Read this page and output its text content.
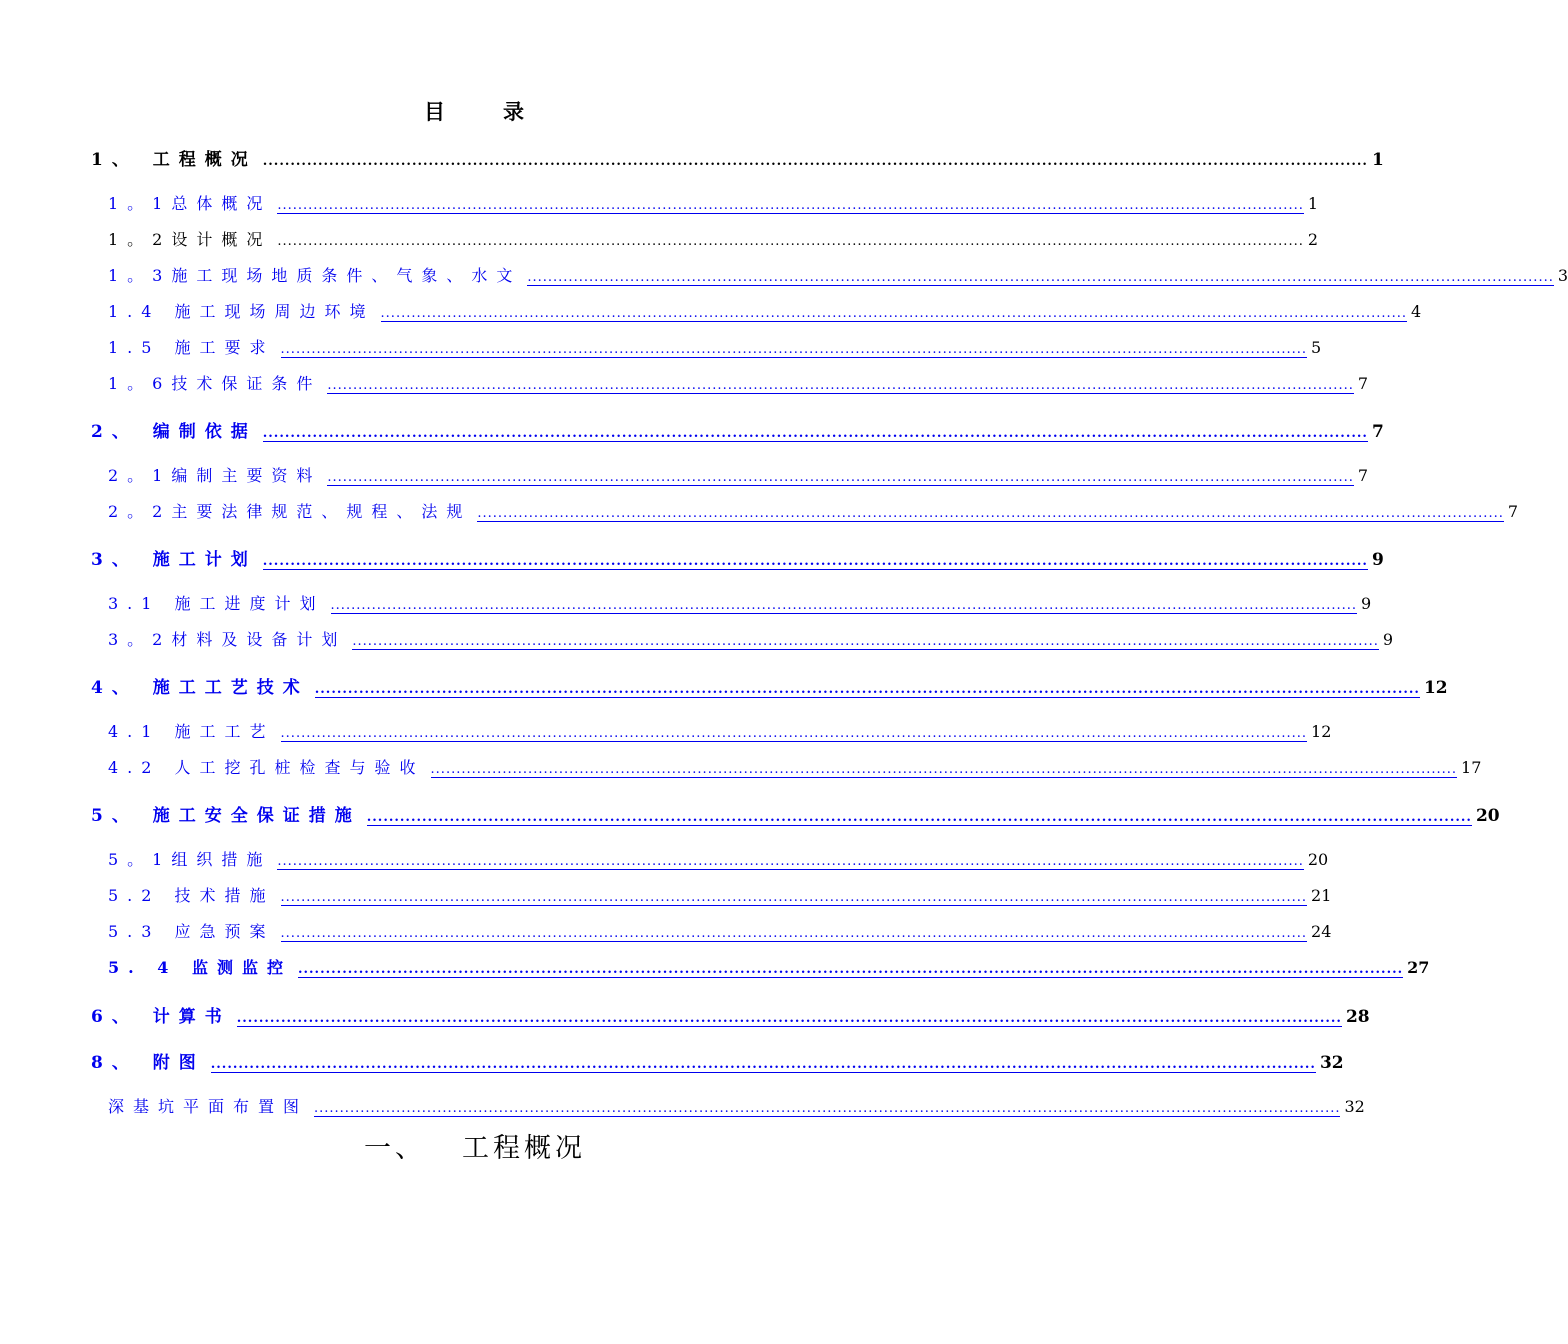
目	录
1、 工程概况 ........................................................................................................................................................................................................ 1
1。1总体概况 ........................................................................................................................................................................................................ 1
1。2设计概况 ........................................................................................................................................................................................................ 2
1。3施工现场地质条件、气象、水文 ........................................................................................................................................................................................................ 3
1.4 施工现场周边环境 ........................................................................................................................................................................................................ 4
1.5 施工要求 ........................................................................................................................................................................................................ 5
1。6技术保证条件 ........................................................................................................................................................................................................ 7
2、 编制依据 ........................................................................................................................................................................................................ 7
2。1编制主要资料 ........................................................................................................................................................................................................ 7
2。2主要法律规范、规程、法规 ........................................................................................................................................................................................................ 7
3、 施工计划 ........................................................................................................................................................................................................ 9
3.1 施工进度计划 ........................................................................................................................................................................................................ 9
3。2材料及设备计划 ........................................................................................................................................................................................................ 9
4、 施工工艺技术 ........................................................................................................................................................................................................ 12
4.1 施工工艺 ........................................................................................................................................................................................................ 12
4.2 人工挖孔桩检查与验收 ........................................................................................................................................................................................................ 17
5、 施工安全保证措施 ........................................................................................................................................................................................................ 20
5。1组织措施 ........................................................................................................................................................................................................ 20
5.2 技术措施 ........................................................................................................................................................................................................ 21
5.3 应急预案 ........................................................................................................................................................................................................ 24
5. 4 监测监控 ........................................................................................................................................................................................................ 27
6、 计算书 ........................................................................................................................................................................................................ 28
8、 附图 ........................................................................................................................................................................................................ 32
深基坑平面布置图 ........................................................................................................................................................................................................ 32
一、 工程概况
